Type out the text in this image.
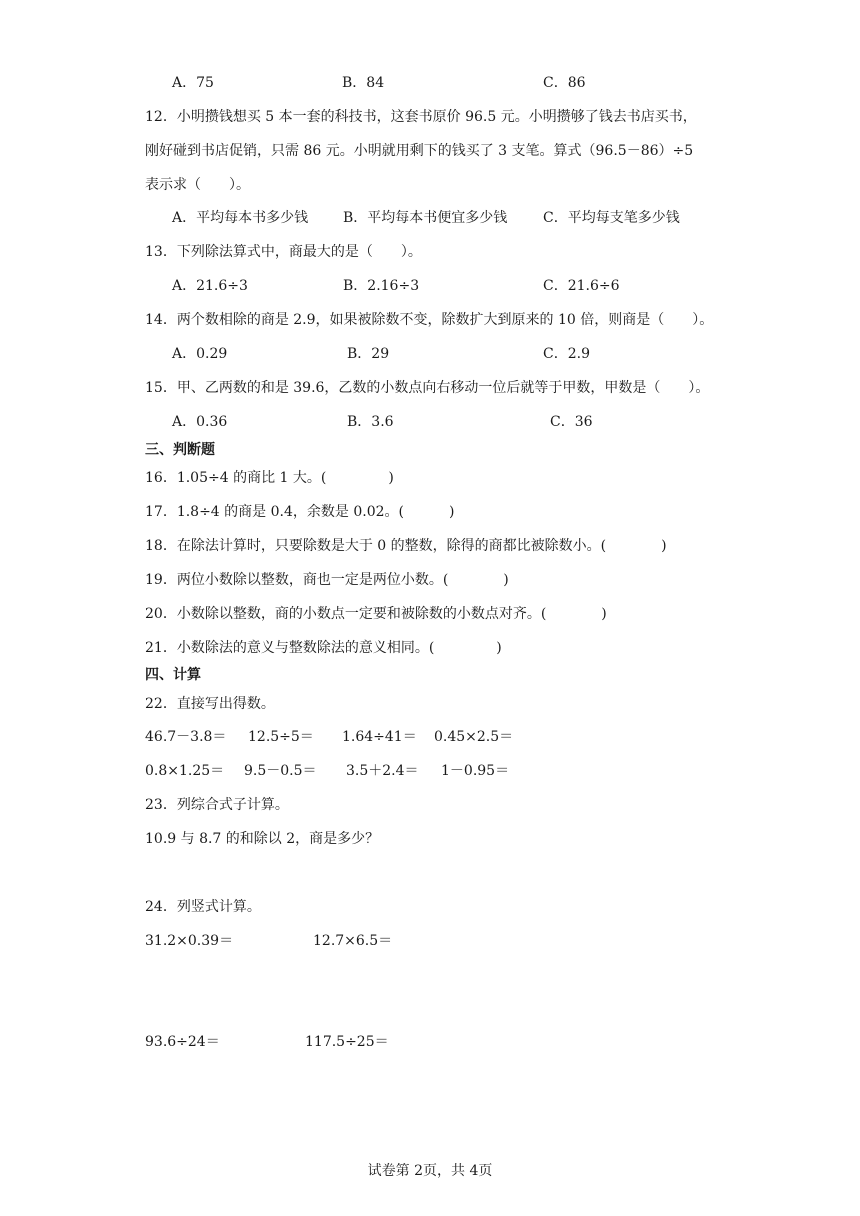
A．75	B．84	C．86
12．小明攒钱想买 5 本一套的科技书，这套书原价 96.5 元。小明攒够了钱去书店买书，
刚好碰到书店促销，只需 86 元。小明就用剩下的钱买了 3 支笔。算式（96.5－86）÷5
表示求（　　）。
A．平均每本书多少钱 B．平均每本书便宜多少钱	C．平均每支笔多少钱
13．下列除法算式中，商最大的是（　　）。
A．21.6÷3	B．2.16÷3	C．21.6÷6
14．两个数相除的商是 2.9，如果被除数不变，除数扩大到原来的 10 倍，则商是（　　）。
A．0.29	B．29	C．2.9
15．甲、乙两数的和是 39.6，乙数的小数点向右移动一位后就等于甲数，甲数是（　　）。
A．0.36	B．3.6	C．36
三、判断题
16．1.05÷4 的商比 1 大。(	)
17．1.8÷4 的商是 0.4，余数是 0.02。(	)
18．在除法计算时，只要除数是大于 0 的整数，除得的商都比被除数小。(	)
19．两位小数除以整数，商也一定是两位小数。(	)
20．小数除以整数，商的小数点一定要和被除数的小数点对齐。(	)
21．小数除法的意义与整数除法的意义相同。(	)
四、计算
22．直接写出得数。
46.7－3.8＝ 12.5÷5＝ 1.64÷41＝ 0.45×2.5＝
0.8×1.25＝ 9.5－0.5＝ 3.5＋2.4＝ 1－0.95＝
23．列综合式子计算。
10.9 与 8.7 的和除以 2，商是多少？
24．列竖式计算。
31.2×0.39＝	12.7×6.5＝
93.6÷24＝	117.5÷25＝
试卷第 2页，共 4页
